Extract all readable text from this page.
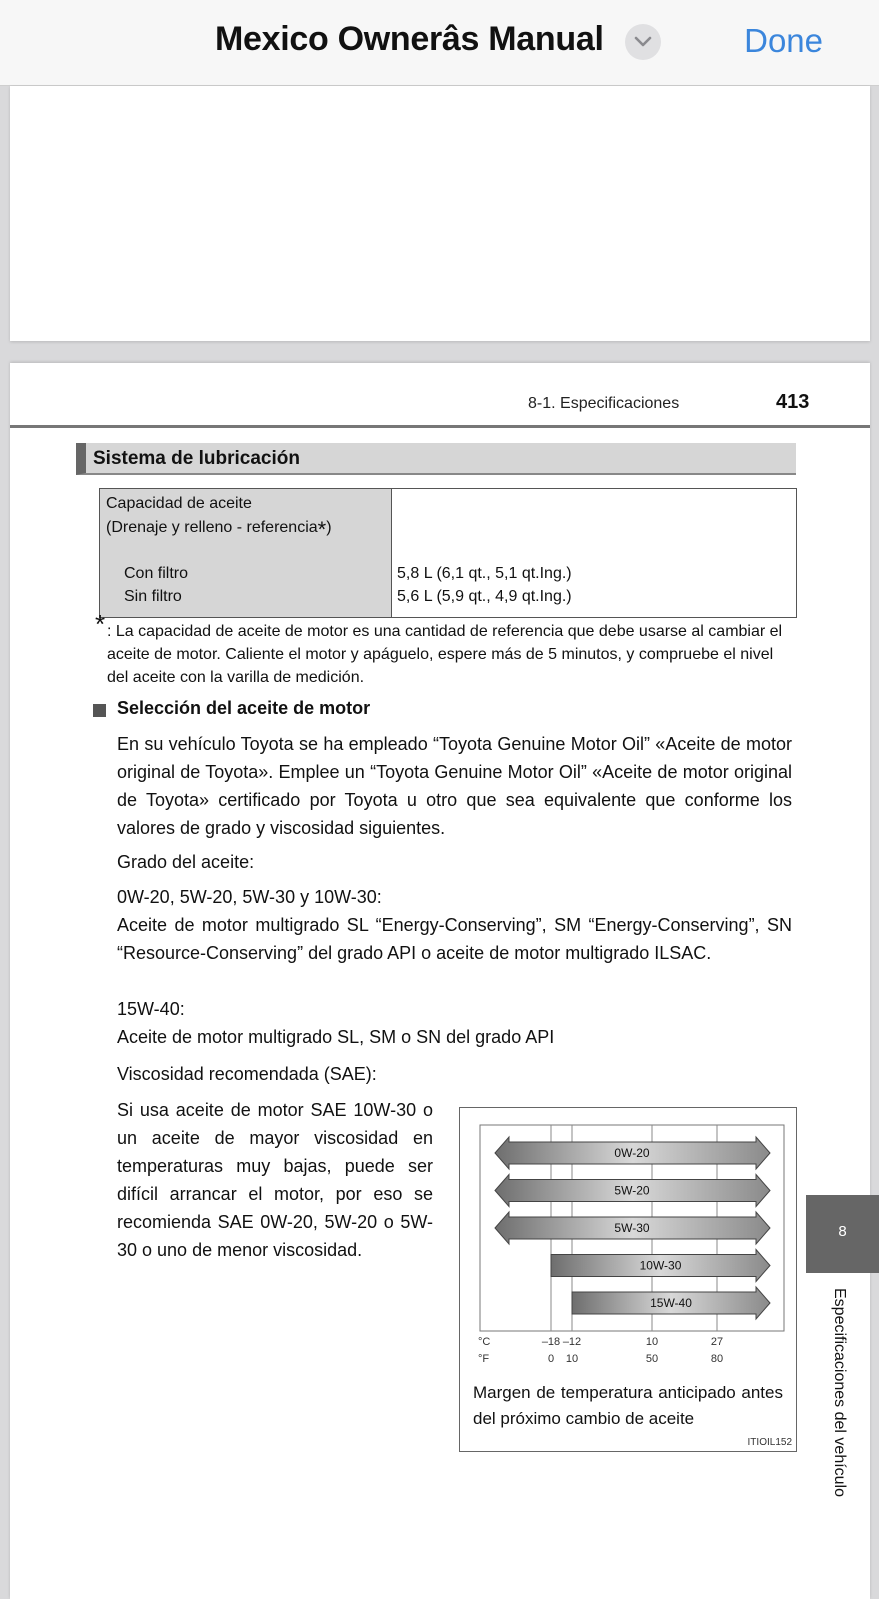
Mexico Ownerâs Manual	Done
8-1. Especificaciones	413
Sistema de lubricación
Capacidad de aceite
(Drenaje y relleno - referencia*)
Con filtro
Sin filtro
5,8 L (6,1 qt., 5,1 qt.Ing.)
5,6 L (5,9 qt., 4,9 qt.Ing.)
* : La capacidad de aceite de motor es una cantidad de referencia que debe usarse al cambiar el aceite de motor. Caliente el motor y apáguelo, espere más de 5 minutos, y compruebe el nivel del aceite con la varilla de medición.
Selección del aceite de motor
En su vehículo Toyota se ha empleado “Toyota Genuine Motor Oil” «Aceite de motor original de Toyota». Emplee un “Toyota Genuine Motor Oil” «Aceite de motor original de Toyota» certificado por Toyota u otro que sea equivalente que conforme los valores de grado y viscosidad siguientes.
Grado del aceite:
0W-20, 5W-20, 5W-30 y 10W-30:
Aceite de motor multigrado SL “Energy-Conserving”, SM “Energy-Conserving”, SN “Resource-Conserving” del grado API o aceite de motor multigrado ILSAC.
15W-40:
Aceite de motor multigrado SL, SM o SN del grado API
Viscosidad recomendada (SAE):
Si usa aceite de motor SAE 10W-30 o un aceite de mayor viscosidad en temperaturas muy bajas, puede ser difícil arrancar el motor, por eso se recomienda SAE 0W-20, 5W-20 o 5W-30 o uno de menor viscosidad.
0W-20
5W-20
5W-30
10W-30
15W-40
°C
°F
–18
0
–12
10
10
50
27
80
Margen de temperatura anticipado antes del próximo cambio de aceite
ITIOIL152
8
Especificaciones del vehículo
